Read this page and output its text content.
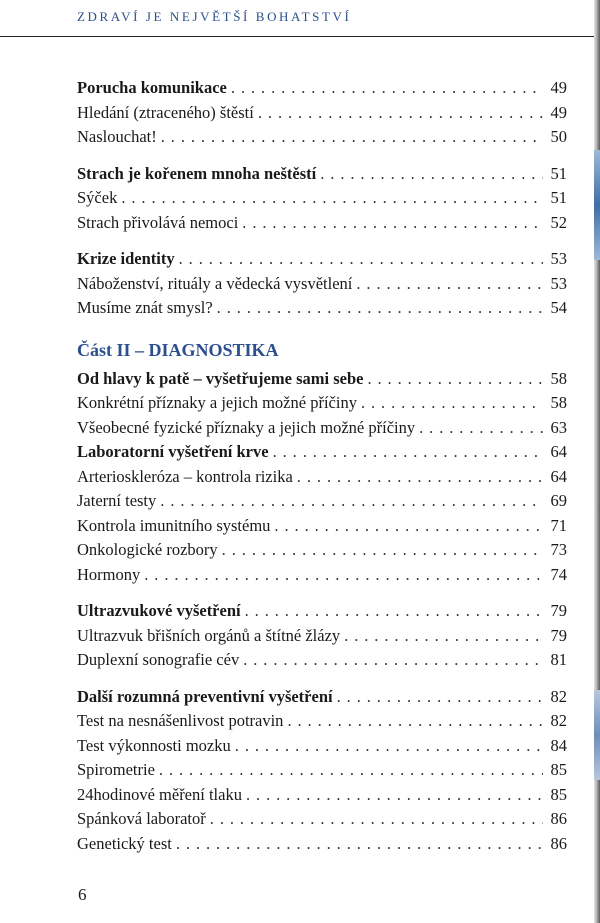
ZDRAVÍ JE NEJVĚTŠÍ BOHATSTVÍ
Porucha komunikace . . .	49
Hledání (ztraceného) štěstí . . .	49
Naslouchat! . . .	50
Strach je kořenem mnoha neštěstí . . .	51
Sýček . . .	51
Strach přivolává nemoci . . .	52
Krize identity . . .	53
Náboženství, rituály a vědecká vysvětlení . . .	53
Musíme znát smysl? . . .	54
Část II – DIAGNOSTIKA
Od hlavy k patě – vyšetřujeme sami sebe . . .	58
Konkrétní příznaky a jejich možné příčiny . . .	58
Všeobecné fyzické příznaky a jejich možné příčiny . . .	63
Laboratorní vyšetření krve . . .	64
Arterioskleróza – kontrola rizika . . .	64
Jaterní testy . . .	69
Kontrola imunitního systému . . .	71
Onkologické rozbory . . .	73
Hormony . . .	74
Ultrazvukové vyšetření . . .	79
Ultrazvuk břišních orgánů a štítné žlázy . . .	79
Duplexní sonografie cév . . .	81
Další rozumná preventivní vyšetření . . .	82
Test na nesnášenlivost potravin . . .	82
Test výkonnosti mozku . . .	84
Spirometrie . . .	85
24hodinové měření tlaku . . .	85
Spánková laboratoř . . .	86
Genetický test . . .	86
6
